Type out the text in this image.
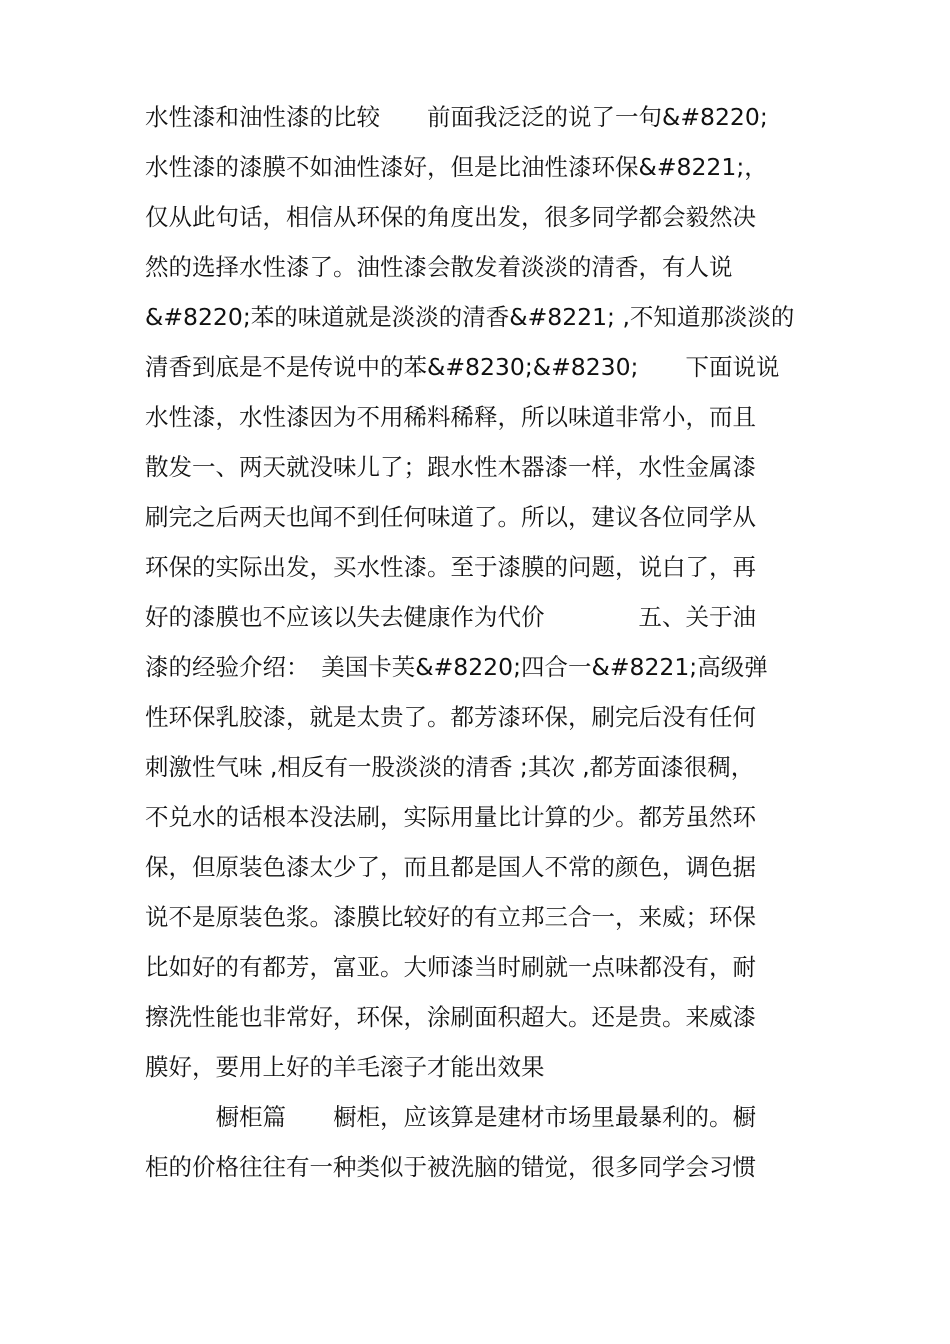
水性漆和油性漆的比较　　前面我泛泛的说了一句&#8220;
水性漆的漆膜不如油性漆好，但是比油性漆环保&#8221;，
仅从此句话，相信从环保的角度出发，很多同学都会毅然决
然的选择水性漆了。油性漆会散发着淡淡的清香，有人说
&#8220;苯的味道就是淡淡的清香&#8221; ,不知道那淡淡的
清香到底是不是传说中的苯&#8230;&#8230;　　下面说说
水性漆，水性漆因为不用稀料稀释，所以味道非常小，而且
散发一、两天就没味儿了；跟水性木器漆一样，水性金属漆
刷完之后两天也闻不到任何味道了。所以，建议各位同学从
环保的实际出发，买水性漆。至于漆膜的问题，说白了，再
好的漆膜也不应该以失去健康作为代价　　　　五、关于油
漆的经验介绍：　美国卡芙&#8220;四合一&#8221;高级弹
性环保乳胶漆，就是太贵了。都芳漆环保，刷完后没有任何
刺激性气味 ,相反有一股淡淡的清香 ;其次 ,都芳面漆很稠，
不兑水的话根本没法刷，实际用量比计算的少。都芳虽然环
保，但原装色漆太少了，而且都是国人不常的颜色，调色据
说不是原装色浆。漆膜比较好的有立邦三合一，来威；环保
比如好的有都芳，富亚。大师漆当时刷就一点味都没有，耐
擦洗性能也非常好，环保，涂刷面积超大。还是贵。来威漆
膜好，要用上好的羊毛滚子才能出效果
　　　橱柜篇　　橱柜，应该算是建材市场里最暴利的。橱
柜的价格往往有一种类似于被洗脑的错觉，很多同学会习惯
